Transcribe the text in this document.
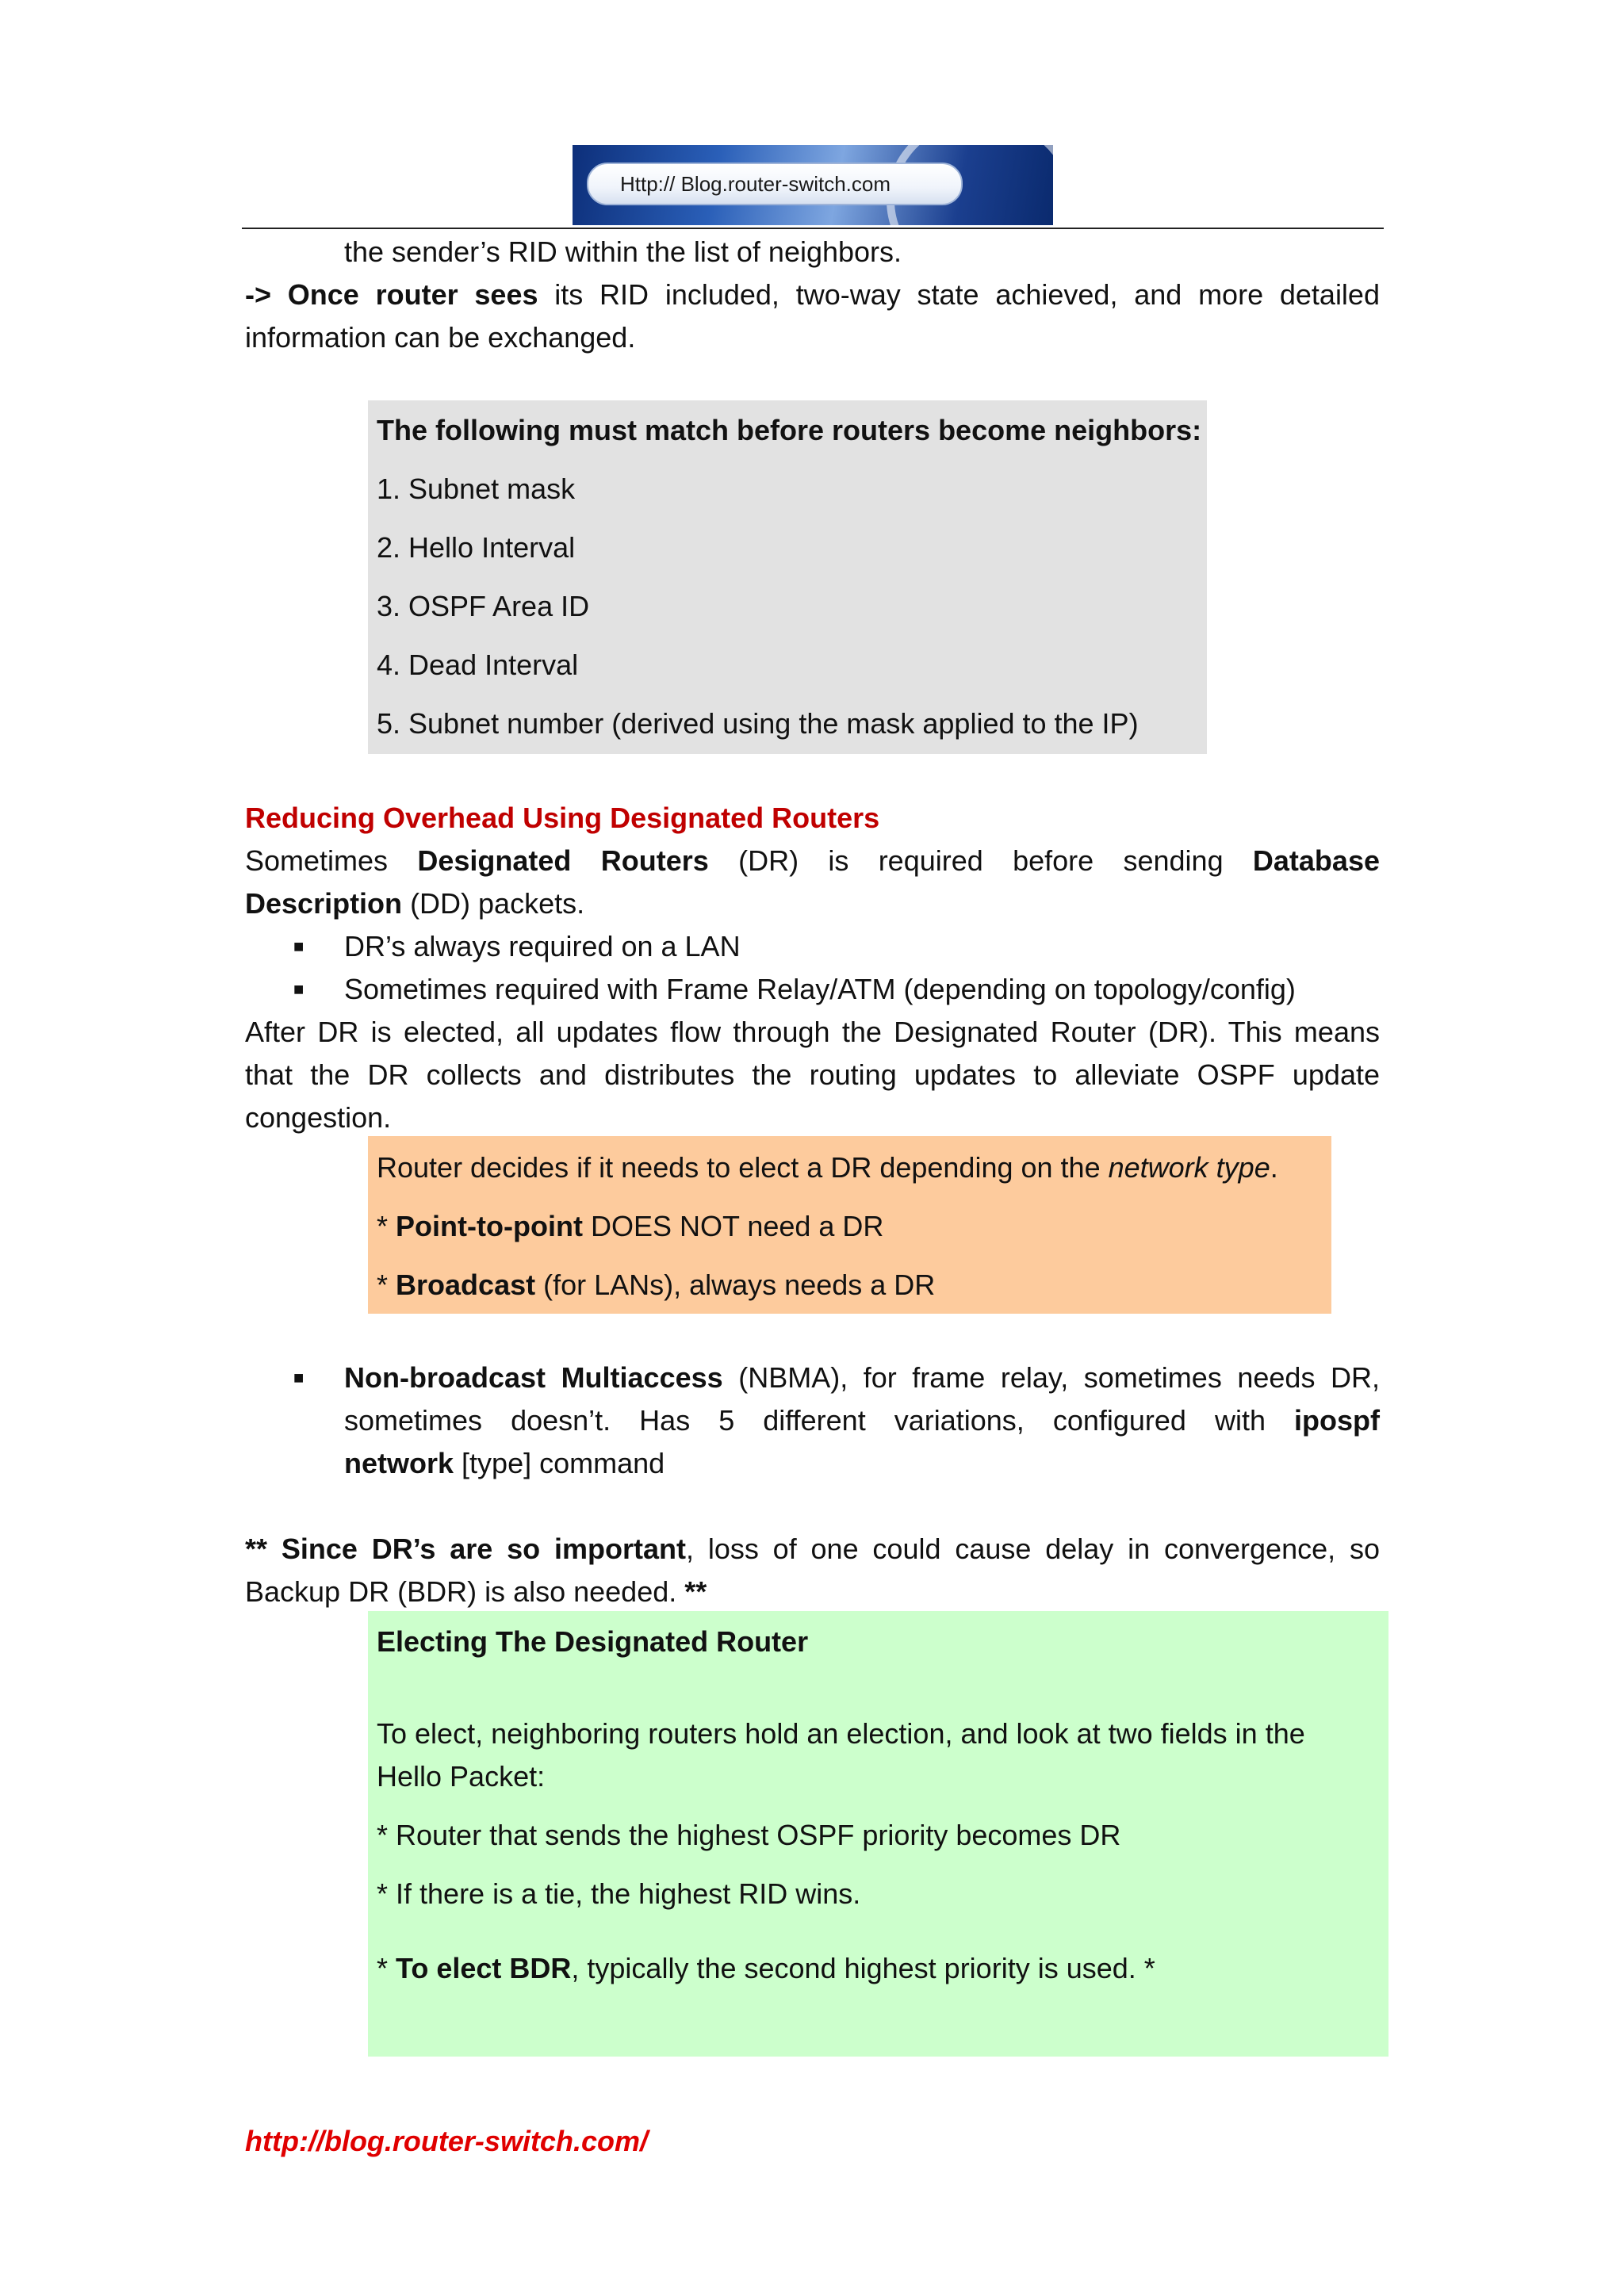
Http:// Blog.router-switch.com
the sender’s RID within the list of neighbors.
-> Once router sees its RID included, two-way state achieved, and more detailed
information can be exchanged.
The following must match before routers become neighbors:
1. Subnet mask
2. Hello Interval
3. OSPF Area ID
4. Dead Interval
5. Subnet number (derived using the mask applied to the IP)
Reducing Overhead Using Designated Routers
Sometimes Designated Routers (DR) is required before sending Database
Description (DD) packets.
■ DR’s always required on a LAN
■ Sometimes required with Frame Relay/ATM (depending on topology/config)
After DR is elected, all updates flow through the Designated Router (DR). This means
that the DR collects and distributes the routing updates to alleviate OSPF update
congestion.
Router decides if it needs to elect a DR depending on the network type.
* Point-to-point DOES NOT need a DR
* Broadcast (for LANs), always needs a DR
■ Non-broadcast Multiaccess (NBMA), for frame relay, sometimes needs DR,
sometimes doesn’t. Has 5 different variations, configured with ipospf
network [type] command
** Since DR’s are so important, loss of one could cause delay in convergence, so
Backup DR (BDR) is also needed. **
Electing The Designated Router
To elect, neighboring routers hold an election, and look at two fields in the
Hello Packet:
* Router that sends the highest OSPF priority becomes DR
* If there is a tie, the highest RID wins.
* To elect BDR, typically the second highest priority is used. *
http://blog.router-switch.com/
